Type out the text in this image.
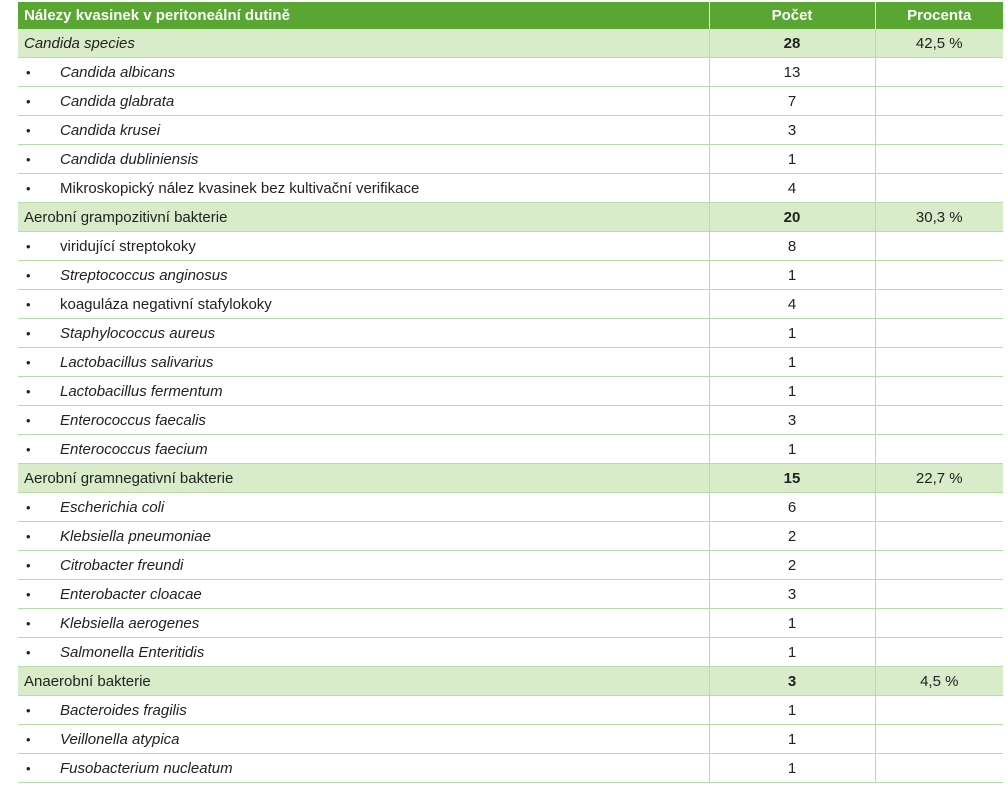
Nálezy kvasinek v peritoneální dutině	Počet	Procenta
Candida species	28	42,5 %
• Candida albicans	13	
• Candida glabrata	7	
• Candida krusei	3	
• Candida dubliniensis	1	
• Mikroskopický nález kvasinek bez kultivační verifikace	4	
Aerobní grampozitivní bakterie	20	30,3 %
• viridující streptokoky	8	
• Streptococcus anginosus	1	
• koaguláza negativní stafylokoky	4	
• Staphylococcus aureus	1	
• Lactobacillus salivarius	1	
• Lactobacillus fermentum	1	
• Enterococcus faecalis	3	
• Enterococcus faecium	1	
Aerobní gramnegativní bakterie	15	22,7 %
• Escherichia coli	6	
• Klebsiella pneumoniae	2	
• Citrobacter freundi	2	
• Enterobacter cloacae	3	
• Klebsiella aerogenes	1	
• Salmonella Enteritidis	1	
Anaerobní bakterie	3	4,5 %
• Bacteroides fragilis	1	
• Veillonella atypica	1	
• Fusobacterium nucleatum	1	
